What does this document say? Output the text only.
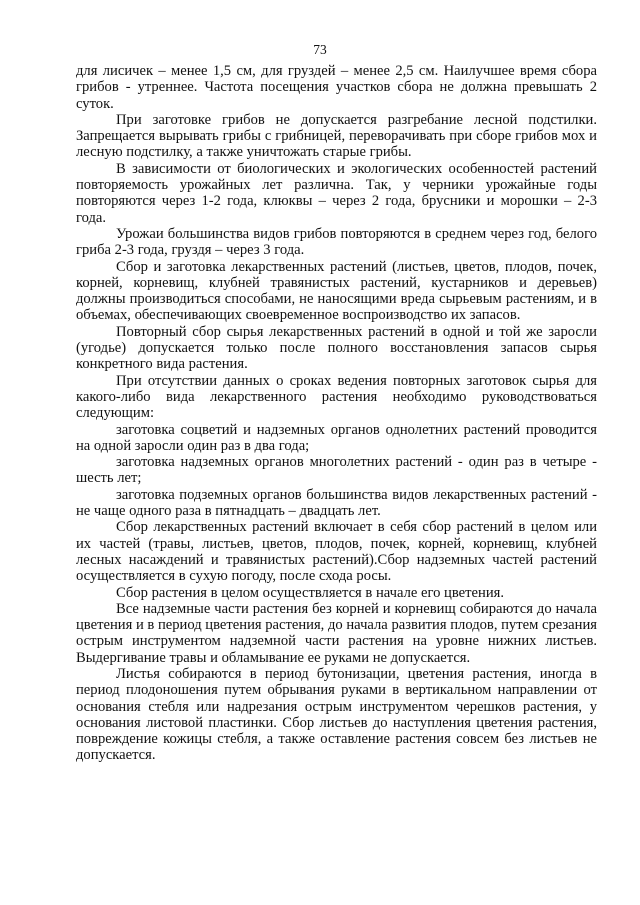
73

для лисичек – менее 1,5 см, для груздей – менее 2,5 см. Наилучшее время сбора грибов - утреннее. Частота посещения участков сбора не должна превышать 2 суток.

При заготовке грибов не допускается разгребание лесной подстилки. Запрещается вырывать грибы с грибницей, переворачивать при сборе грибов мох и лесную подстилку, а также уничтожать старые грибы.

В зависимости от биологических и экологических особенностей растений повторяемость урожайных лет различна. Так, у черники урожайные годы повторяются через 1-2 года, клюквы – через 2 года, брусники и морошки – 2-3 года.

Урожаи большинства видов грибов повторяются в среднем через год, белого гриба 2-3 года, груздя – через 3 года.

Сбор и заготовка лекарственных растений (листьев, цветов, плодов, почек, корней, корневищ, клубней травянистых растений, кустарников и деревьев) должны производиться способами, не наносящими вреда сырьевым растениям, и в объемах, обеспечивающих своевременное воспроизводство их запасов.

Повторный сбор сырья лекарственных растений в одной и той же заросли (угодье) допускается только после полного восстановления запасов сырья конкретного вида растения.

При отсутствии данных о сроках ведения повторных заготовок сырья для какого-либо вида лекарственного растения необходимо руководствоваться следующим:

заготовка соцветий и надземных органов однолетних растений проводится на одной заросли один раз в два года;

заготовка надземных органов многолетних растений - один раз в четыре - шесть лет;

заготовка подземных органов большинства видов лекарственных растений - не чаще одного раза в пятнадцать – двадцать лет.

Сбор лекарственных растений включает в себя сбор растений в целом или их частей (травы, листьев, цветов, плодов, почек, корней, корневищ, клубней лесных насаждений и травянистых растений).Сбор надземных частей растений осуществляется в сухую погоду, после схода росы.

Сбор растения в целом осуществляется в начале его цветения.

Все надземные части растения без корней и корневищ собираются до начала цветения и в период цветения растения, до начала развития плодов, путем срезания острым инструментом надземной части растения на уровне нижних листьев. Выдергивание травы и обламывание ее руками не допускается.

Листья собираются в период бутонизации, цветения растения, иногда в период плодоношения путем обрывания руками в вертикальном направлении от основания стебля или надрезания острым инструментом черешков растения, у основания листовой пластинки. Сбор листьев до наступления цветения растения, повреждение кожицы стебля, а также оставление растения совсем без листьев не допускается.
